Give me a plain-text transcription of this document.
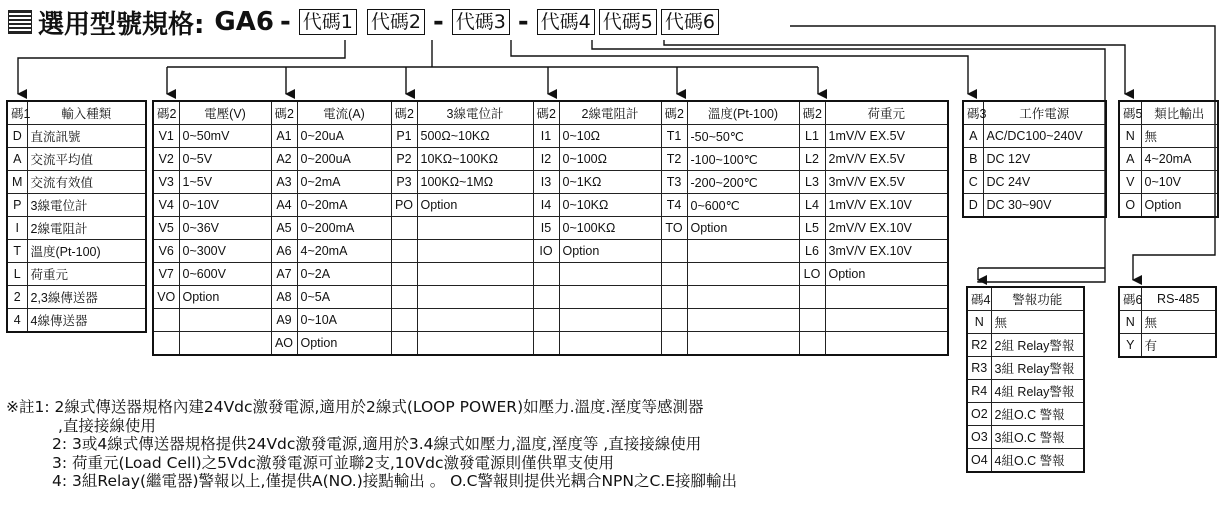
選用型號規格: GA6 - 代碼1 代碼2 - 代碼3 - 代碼4 代碼5 代碼6
碼1	輸入種類
D	直流訊號
A	交流平均值
M	交流有效值
P	3線電位計
I	2線電阻計
T	溫度(Pt-100)
L	荷重元
2	2,3線傳送器
4	4線傳送器
碼2	電壓(V)	碼2	電流(A)	碼2	3線電位計	碼2	2線電阻計	碼2	溫度(Pt-100)	碼2	荷重元
V1	0~50mV	A1	0~20uA	P1	500Ω~10KΩ	I1	0~10Ω	T1	-50~50℃	L1	1mV/V EX.5V
V2	0~5V	A2	0~200uA	P2	10KΩ~100KΩ	I2	0~100Ω	T2	-100~100℃	L2	2mV/V EX.5V
V3	1~5V	A3	0~2mA	P3	100KΩ~1MΩ	I3	0~1KΩ	T3	-200~200℃	L3	3mV/V EX.5V
V4	0~10V	A4	0~20mA	PO	Option	I4	0~10KΩ	T4	0~600℃	L4	1mV/V EX.10V
V5	0~36V	A5	0~200mA			I5	0~100KΩ	TO	Option	L5	2mV/V EX.10V
V6	0~300V	A6	4~20mA			IO	Option			L6	3mV/V EX.10V
V7	0~600V	A7	0~2A							LO	Option
VO	Option	A8	0~5A								
		A9	0~10A								
		AO	Option								
碼3	工作電源
A	AC/DC100~240V
B	DC 12V
C	DC 24V
D	DC 30~90V
碼5	類比輸出
N	無
A	4~20mA
V	0~10V
O	Option
碼4	警報功能
N	無
R2	2組 Relay警報
R3	3組 Relay警報
R4	4組 Relay警報
O2	2組O.C 警報
O3	3組O.C 警報
O4	4組O.C 警報
碼6	RS-485
N	無
Y	有
※註1: 2線式傳送器規格內建24Vdc激發電源,適用於2線式(LOOP POWER)如壓力.溫度.溼度等感測器
,直接接線使用
2: 3或4線式傳送器規格提供24Vdc激發電源,適用於3.4線式如壓力,溫度,溼度等 ,直接接線使用
3: 荷重元(Load Cell)之5Vdc激發電源可並聯2支,10Vdc激發電源則僅供單支使用
4: 3組Relay(繼電器)警報以上,僅提供A(NO.)接點輸出 。 O.C警報則提供光耦合NPN之C.E接腳輸出
